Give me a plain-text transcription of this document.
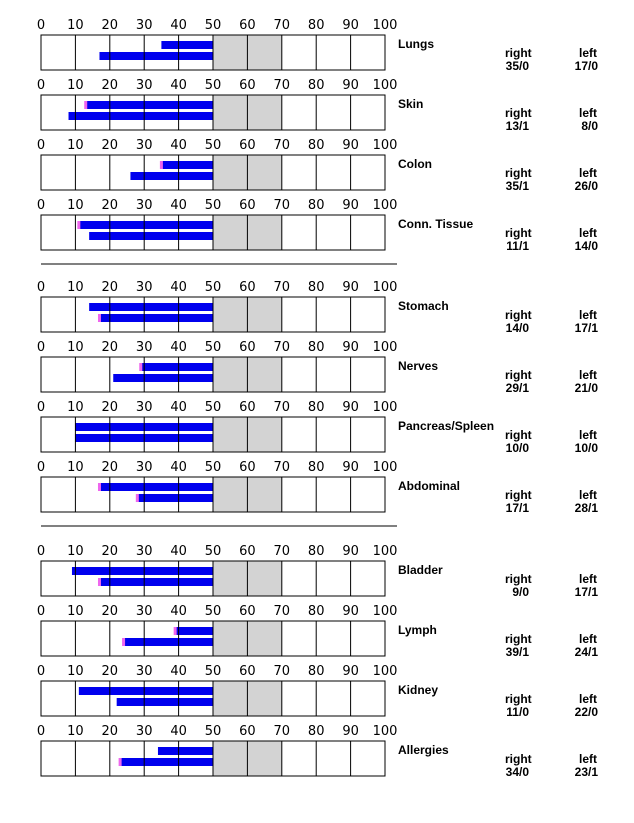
0 10 20 30 40 50 60 70 80 90 100
Lungs
right
35/0
left
17/0
0 10 20 30 40 50 60 70 80 90 100
Skin
right
13/1
left
8/0
0 10 20 30 40 50 60 70 80 90 100
Colon
right
35/1
left
26/0
0 10 20 30 40 50 60 70 80 90 100
Conn. Tissue
right
11/1
left
14/0
0 10 20 30 40 50 60 70 80 90 100
Stomach
right
14/0
left
17/1
0 10 20 30 40 50 60 70 80 90 100
Nerves
right
29/1
left
21/0
0 10 20 30 40 50 60 70 80 90 100
Pancreas/Spleen
right
10/0
left
10/0
0 10 20 30 40 50 60 70 80 90 100
Abdominal
right
17/1
left
28/1
0 10 20 30 40 50 60 70 80 90 100
Bladder
right
9/0
left
17/1
0 10 20 30 40 50 60 70 80 90 100
Lymph
right
39/1
left
24/1
0 10 20 30 40 50 60 70 80 90 100
Kidney
right
11/0
left
22/0
0 10 20 30 40 50 60 70 80 90 100
Allergies
right
34/0
left
23/1
